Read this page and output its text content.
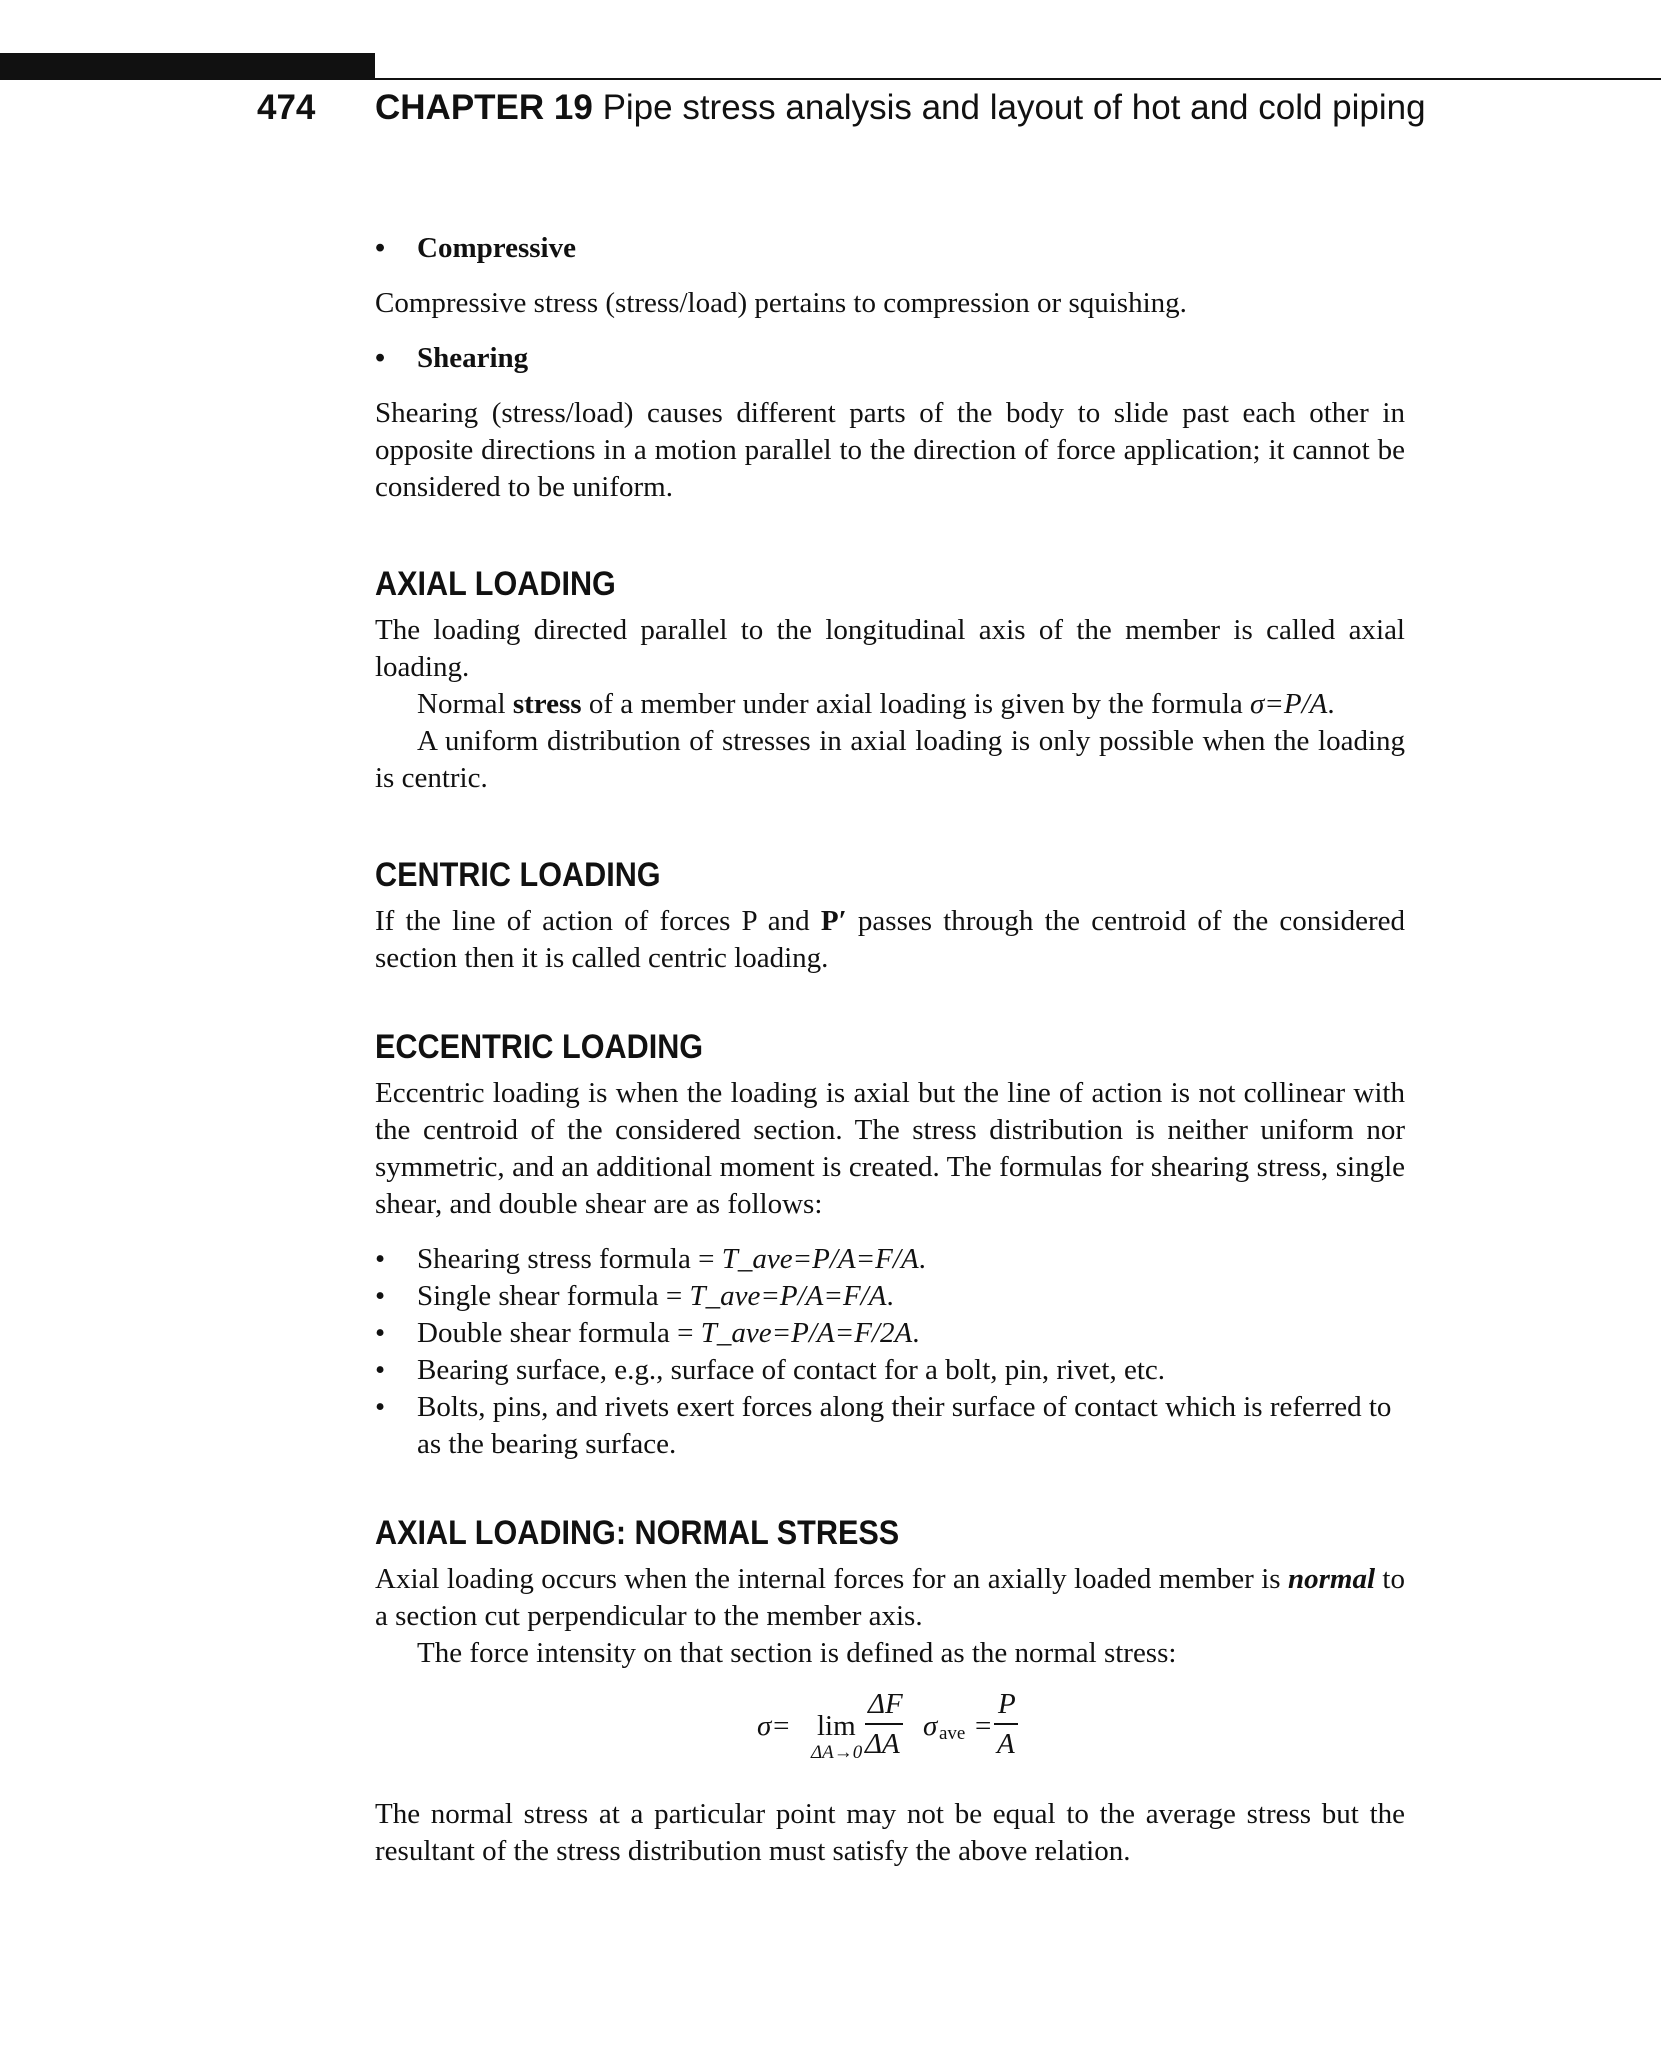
474 CHAPTER 19 Pipe stress analysis and layout of hot and cold piping
• Compressive

Compressive stress (stress/load) pertains to compression or squishing.

• Shearing

Shearing (stress/load) causes different parts of the body to slide past each other in opposite directions in a motion parallel to the direction of force application; it cannot be considered to be uniform.

AXIAL LOADING

The loading directed parallel to the longitudinal axis of the member is called axial loading.

Normal stress of a member under axial loading is given by the formula σ=P/A.

A uniform distribution of stresses in axial loading is only possible when the loading is centric.

CENTRIC LOADING

If the line of action of forces P and P′ passes through the centroid of the considered section then it is called centric loading.

ECCENTRIC LOADING

Eccentric loading is when the loading is axial but the line of action is not collinear with the centroid of the considered section. The stress distribution is neither uniform nor symmetric, and an additional moment is created. The formulas for shearing stress, single shear, and double shear are as follows:

• Shearing stress formula = T_ave=P/A=F/A.
• Single shear formula = T_ave=P/A=F/A.
• Double shear formula = T_ave=P/A=F/2A.
• Bearing surface, e.g., surface of contact for a bolt, pin, rivet, etc.
• Bolts, pins, and rivets exert forces along their surface of contact which is referred to as the bearing surface.
AXIAL LOADING: NORMAL STRESS

Axial loading occurs when the internal forces for an axially loaded member is normal to a section cut perpendicular to the member axis.

The force intensity on that section is defined as the normal stress:

σ= lim
ΔA→0
ΔF
ΔA
σ ave =
P
A

The normal stress at a particular point may not be equal to the average stress but the resultant of the stress distribution must satisfy the above relation.
